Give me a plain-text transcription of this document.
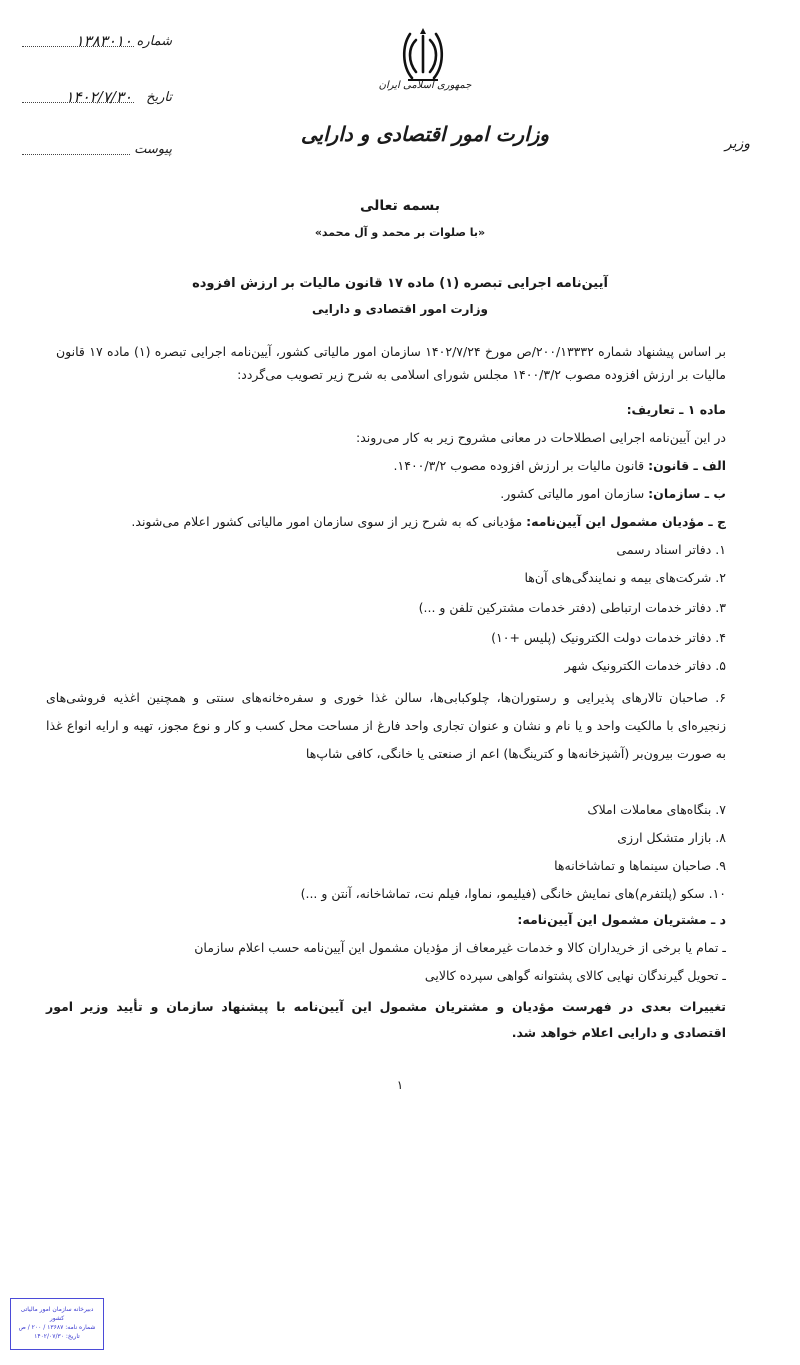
شماره
۱۳۸۳۰۱۰
تاریخ
۱۴۰۲/۷/۳۰
پیوست
جمهوری اسلامی ایران
وزارت امور اقتصادی و دارایی	وزیر
بسمه تعالی
«با صلوات بر محمد و آل محمد»
آیین‌نامه اجرایی تبصره (۱) ماده ۱۷ قانون مالیات بر ارزش افزوده
وزارت امور اقتصادی و دارایی
بر اساس پیشنهاد شماره ۲۰۰/۱۳۳۳۲/ص مورخ ۱۴۰۲/۷/۲۴ سازمان امور مالیاتی کشور، آیین‌نامه اجرایی تبصره (۱) ماده ۱۷ قانون مالیات بر ارزش افزوده مصوب ۱۴۰۰/۳/۲ مجلس شورای اسلامی به شرح زیر تصویب می‌گردد:
ماده ۱ ـ تعاریف:
در این آیین‌نامه اجرایی اصطلاحات در معانی مشروح زیر به کار می‌روند:
الف ـ قانون: قانون مالیات بر ارزش افزوده مصوب ۱۴۰۰/۳/۲.
ب ـ سازمان: سازمان امور مالیاتی کشور.
ج ـ مؤدیان مشمول این آیین‌نامه: مؤدیانی که به شرح زیر از سوی سازمان امور مالیاتی کشور اعلام می‌شوند.
۱. دفاتر اسناد رسمی
۲. شرکت‌های بیمه و نمایندگی‌های آن‌ها
۳. دفاتر خدمات ارتباطی (دفتر خدمات مشترکین تلفن و ...)
۴. دفاتر خدمات دولت الکترونیک (پلیس +۱۰)
۵. دفاتر خدمات الکترونیک شهر
۶. صاحبان تالارهای پذیرایی و رستوران‌ها، چلوکبابی‌ها، سالن غذا خوری و سفره‌خانه‌های سنتی و همچنین اغذیه فروشی‌های زنجیره‌ای با مالکیت واحد و یا نام و نشان و عنوان تجاری واحد فارغ از مساحت محل کسب و کار و نوع مجوز، تهیه و ارایه انواع غذا به صورت بیرون‌بر (آشپزخانه‌ها و کترینگ‌ها) اعم از صنعتی یا خانگی، کافی شاپ‌ها
۷. بنگاه‌های معاملات املاک
۸. بازار متشکل ارزی
۹. صاحبان سینماها و تماشاخانه‌ها
۱۰. سکو (پلتفرم)های نمایش خانگی (فیلیمو، نماوا، فیلم نت، تماشاخانه، آنتن و ...)
د ـ مشتریان مشمول این آیین‌نامه:
ـ تمام یا برخی از خریداران کالا و خدمات غیرمعاف از مؤدیان مشمول این آیین‌نامه حسب اعلام سازمان
ـ تحویل گیرندگان نهایی کالای پشتوانه گواهی سپرده کالایی
تغییرات بعدی در فهرست مؤدیان و مشتریان مشمول این آیین‌نامه با پیشنهاد سازمان و تأیید وزیر امور اقتصادی و دارایی اعلام خواهد شد.
۱
دبیرخانه سازمان امور مالیاتی کشور
شماره نامه: ۱۳۶۸۷ / ۲۰۰ / ص
تاریخ: ۱۴۰۲/۰۷/۳۰
